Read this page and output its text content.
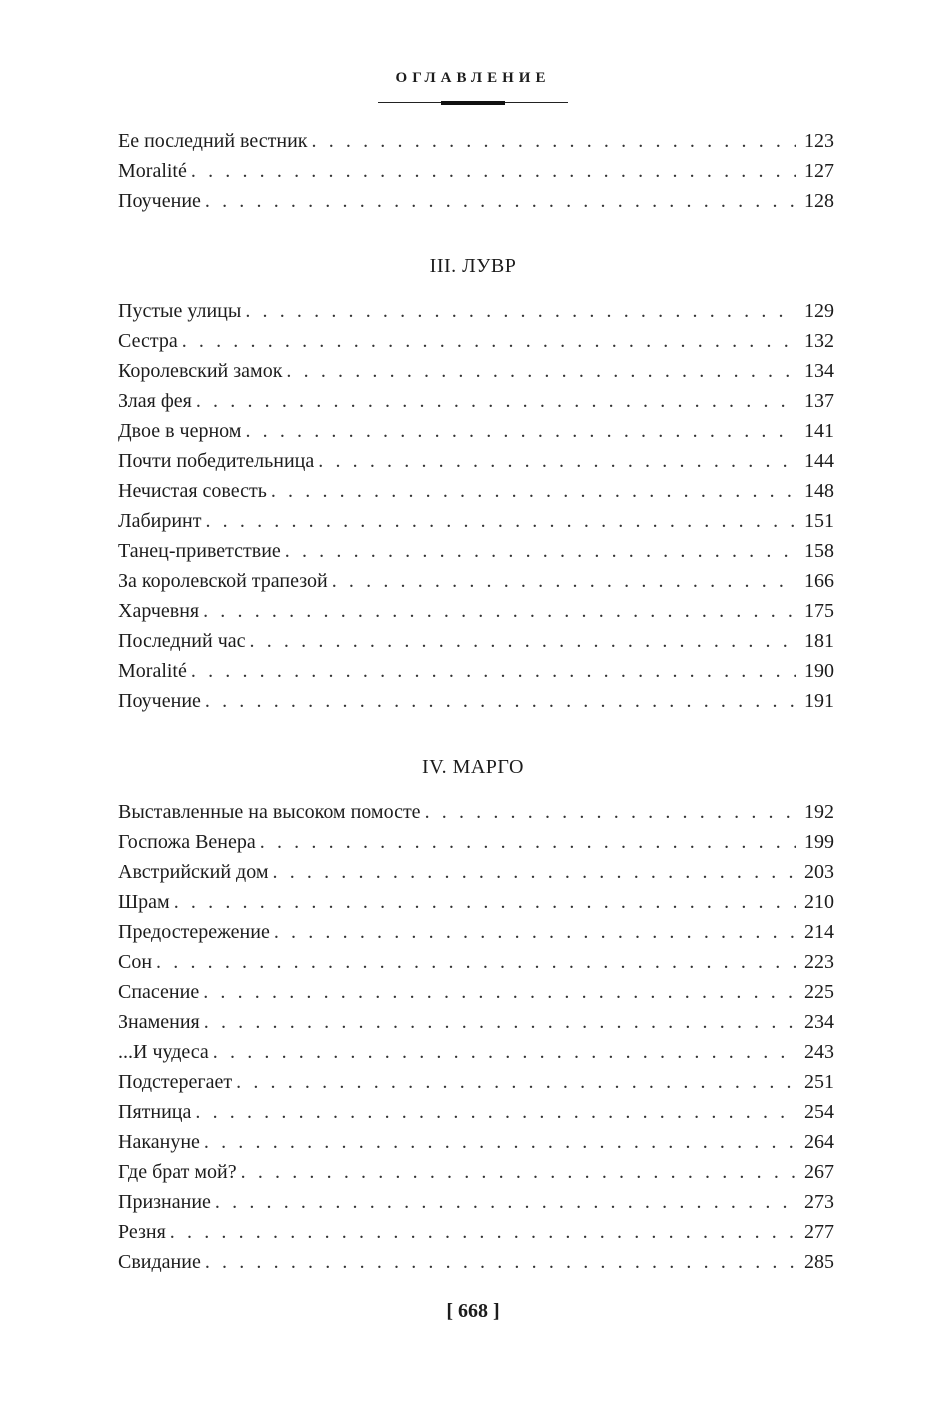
ОГЛАВЛЕНИЕ
Ее последний вестник . . .	123
Moralité . . .	127
Поучение . . .	128
III. ЛУВР
Пустые улицы . . .	129
Сестра . . .	132
Королевский замок . . .	134
Злая фея . . .	137
Двое в черном . . .	141
Почти победительница . . .	144
Нечистая совесть . . .	148
Лабиринт . . .	151
Танец-приветствие . . .	158
За королевской трапезой . . .	166
Харчевня . . .	175
Последний час . . .	181
Moralité . . .	190
Поучение . . .	191
IV. МАРГО
Выставленные на высоком помосте . . .	192
Госпожа Венера . . .	199
Австрийский дом . . .	203
Шрам . . .	210
Предостережение . . .	214
Сон . . .	223
Спасение . . .	225
Знамения . . .	234
...И чудеса . . .	243
Подстерегает . . .	251
Пятница . . .	254
Накануне . . .	264
Где брат мой? . . .	267
Признание . . .	273
Резня . . .	277
Свидание . . .	285
[ 668 ]
